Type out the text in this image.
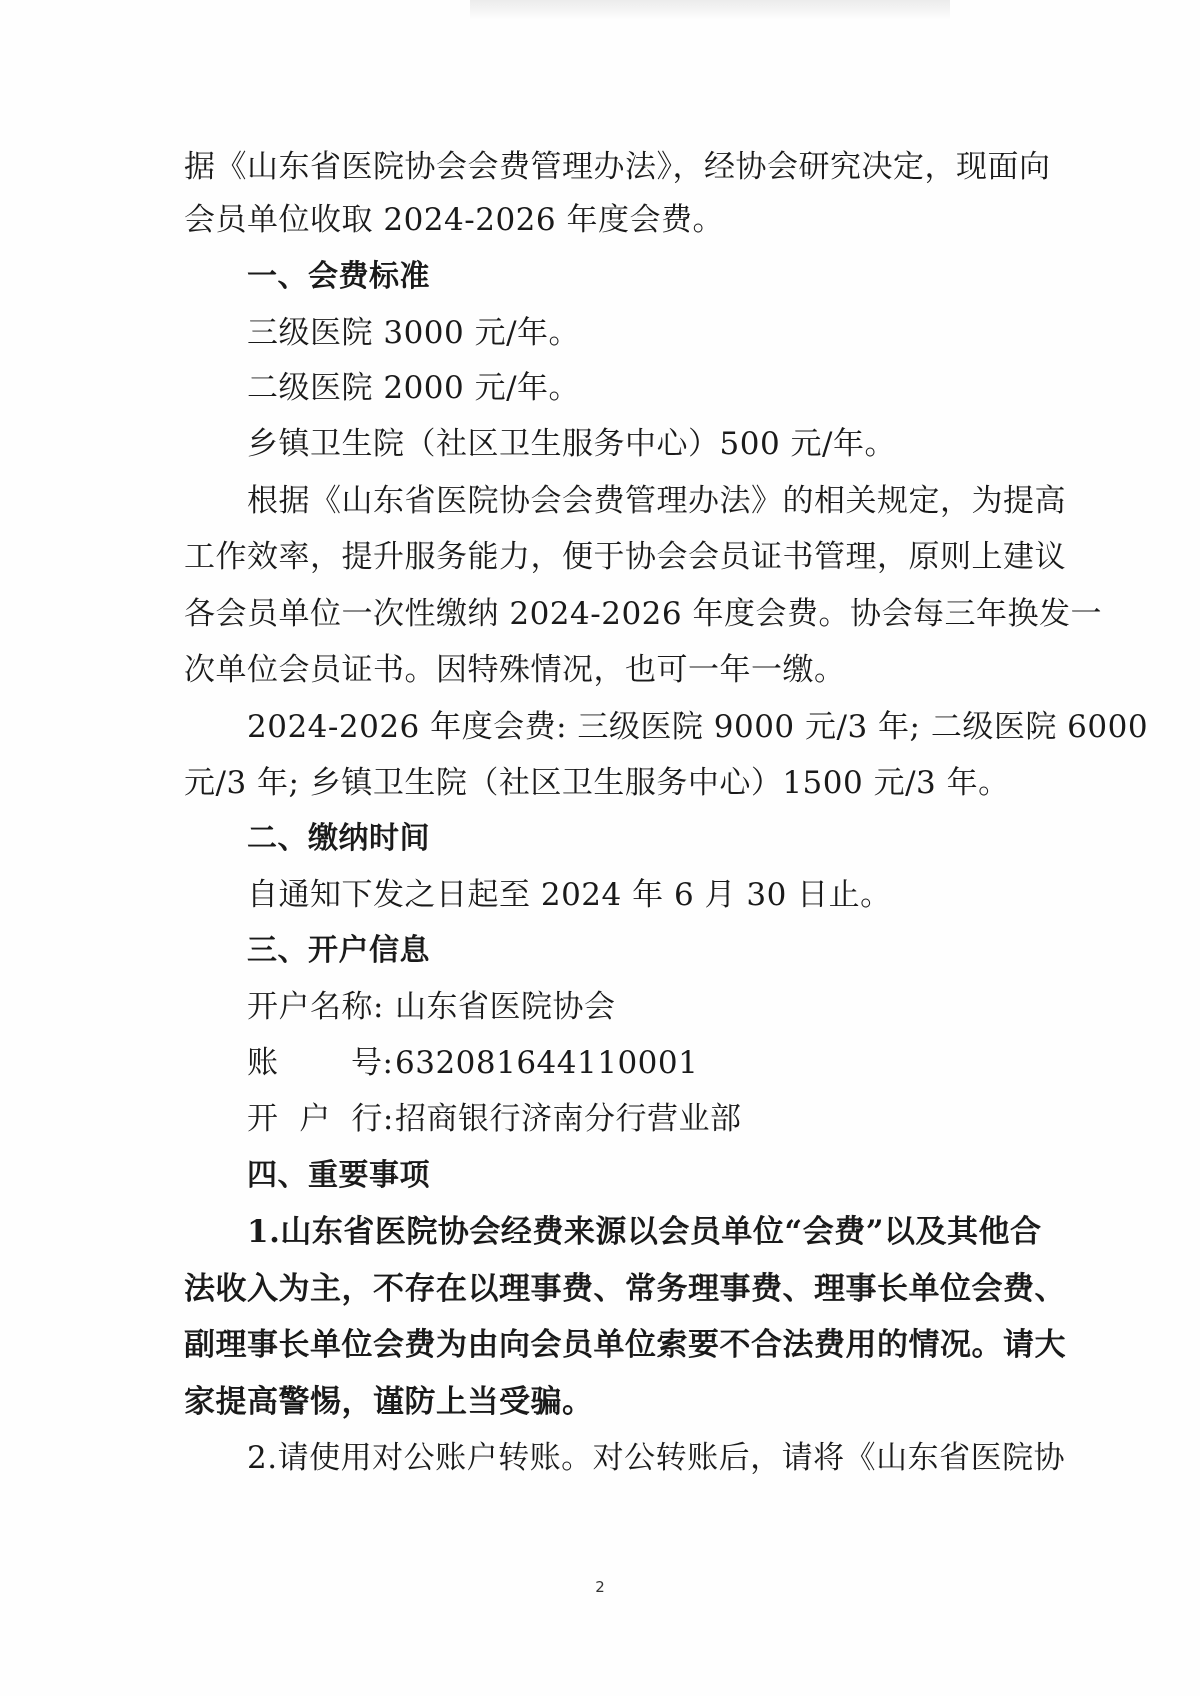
据《山东省医院协会会费管理办法》，经协会研究决定，现面向
会员单位收取 2024-2026 年度会费。
一、会费标准
三级医院 3000 元/年。
二级医院 2000 元/年。
乡镇卫生院（社区卫生服务中心）500 元/年。
根据《山东省医院协会会费管理办法》的相关规定，为提高
工作效率，提升服务能力，便于协会会员证书管理，原则上建议
各会员单位一次性缴纳 2024-2026 年度会费。协会每三年换发一
次单位会员证书。因特殊情况，也可一年一缴。
2024-2026 年度会费: 三级医院 9000 元/3 年; 二级医院 6000
元/3 年; 乡镇卫生院（社区卫生服务中心）1500 元/3 年。
二、缴纳时间
自通知下发之日起至 2024 年 6 月 30 日止。
三、开户信息
开户名称: 山东省医院协会
账       号:632081644110001
开  户  行:招商银行济南分行营业部
四、重要事项
1.山东省医院协会经费来源以会员单位“会费”以及其他合
法收入为主，不存在以理事费、常务理事费、理事长单位会费、
副理事长单位会费为由向会员单位索要不合法费用的情况。请大
家提高警惕，谨防上当受骗。
2.请使用对公账户转账。对公转账后，请将《山东省医院协
2
